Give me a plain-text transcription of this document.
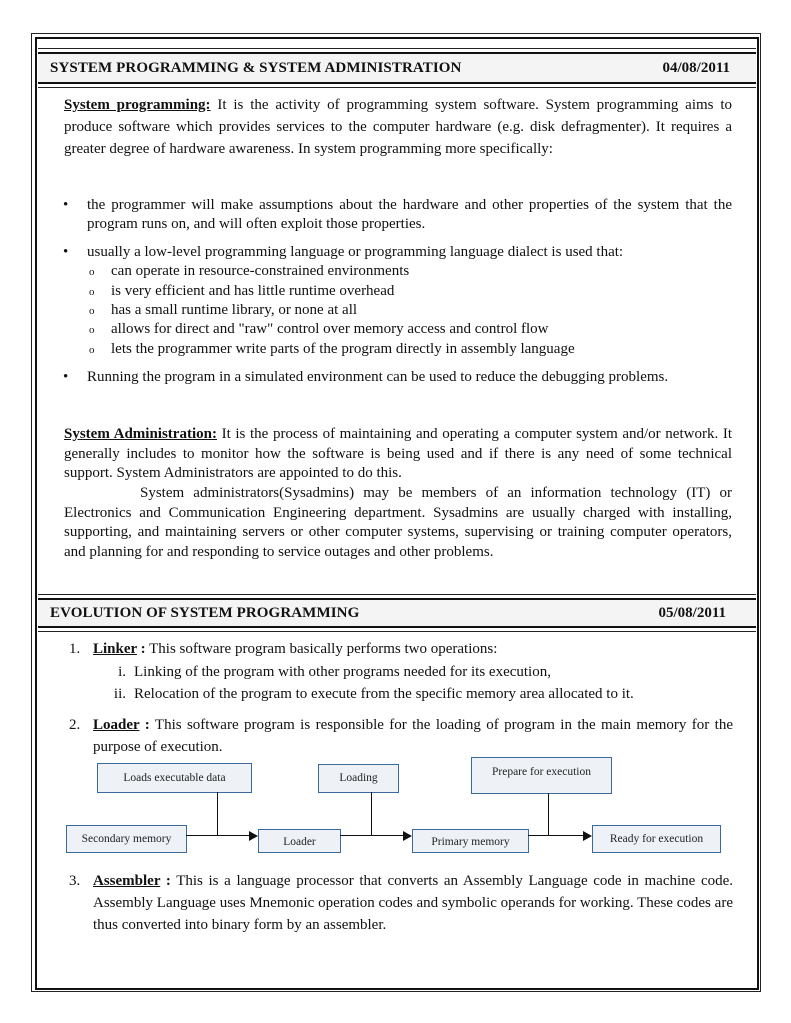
SYSTEM PROGRAMMING & SYSTEM ADMINISTRATION	04/08/2011
System programming: It is the activity of programming system software. System programming aims to produce software which provides services to the computer hardware (e.g. disk defragmenter). It requires a greater degree of hardware awareness. In system programming more specifically:
• the programmer will make assumptions about the hardware and other properties of the system that the program runs on, and will often exploit those properties.
• usually a low-level programming language or programming language dialect is used that:
o can operate in resource-constrained environments
o is very efficient and has little runtime overhead
o has a small runtime library, or none at all
o allows for direct and "raw" control over memory access and control flow
o lets the programmer write parts of the program directly in assembly language
• Running the program in a simulated environment can be used to reduce the debugging problems.
System Administration: It is the process of maintaining and operating a computer system and/or network. It generally includes to monitor how the software is being used and if there is any need of some technical support. System Administrators are appointed to do this.
System administrators(Sysadmins) may be members of an information technology (IT) or Electronics and Communication Engineering department. Sysadmins are usually charged with installing, supporting, and maintaining servers or other computer systems, supervising or training computer operators, and planning for and responding to service outages and other problems.
EVOLUTION OF SYSTEM PROGRAMMING	05/08/2011
1. Linker : This software program basically performs two operations:
i. Linking of the program with other programs needed for its execution,
ii. Relocation of the program to execute from the specific memory area allocated to it.
2. Loader : This software program is responsible for the loading of program in the main memory for the purpose of execution.
Loads executable data	Loading	Prepare for execution
Secondary memory	Loader	Primary memory	Ready for execution
3. Assembler : This is a language processor that converts an Assembly Language code in machine code. Assembly Language uses Mnemonic operation codes and symbolic operands for working. These codes are thus converted into binary form by an assembler.
